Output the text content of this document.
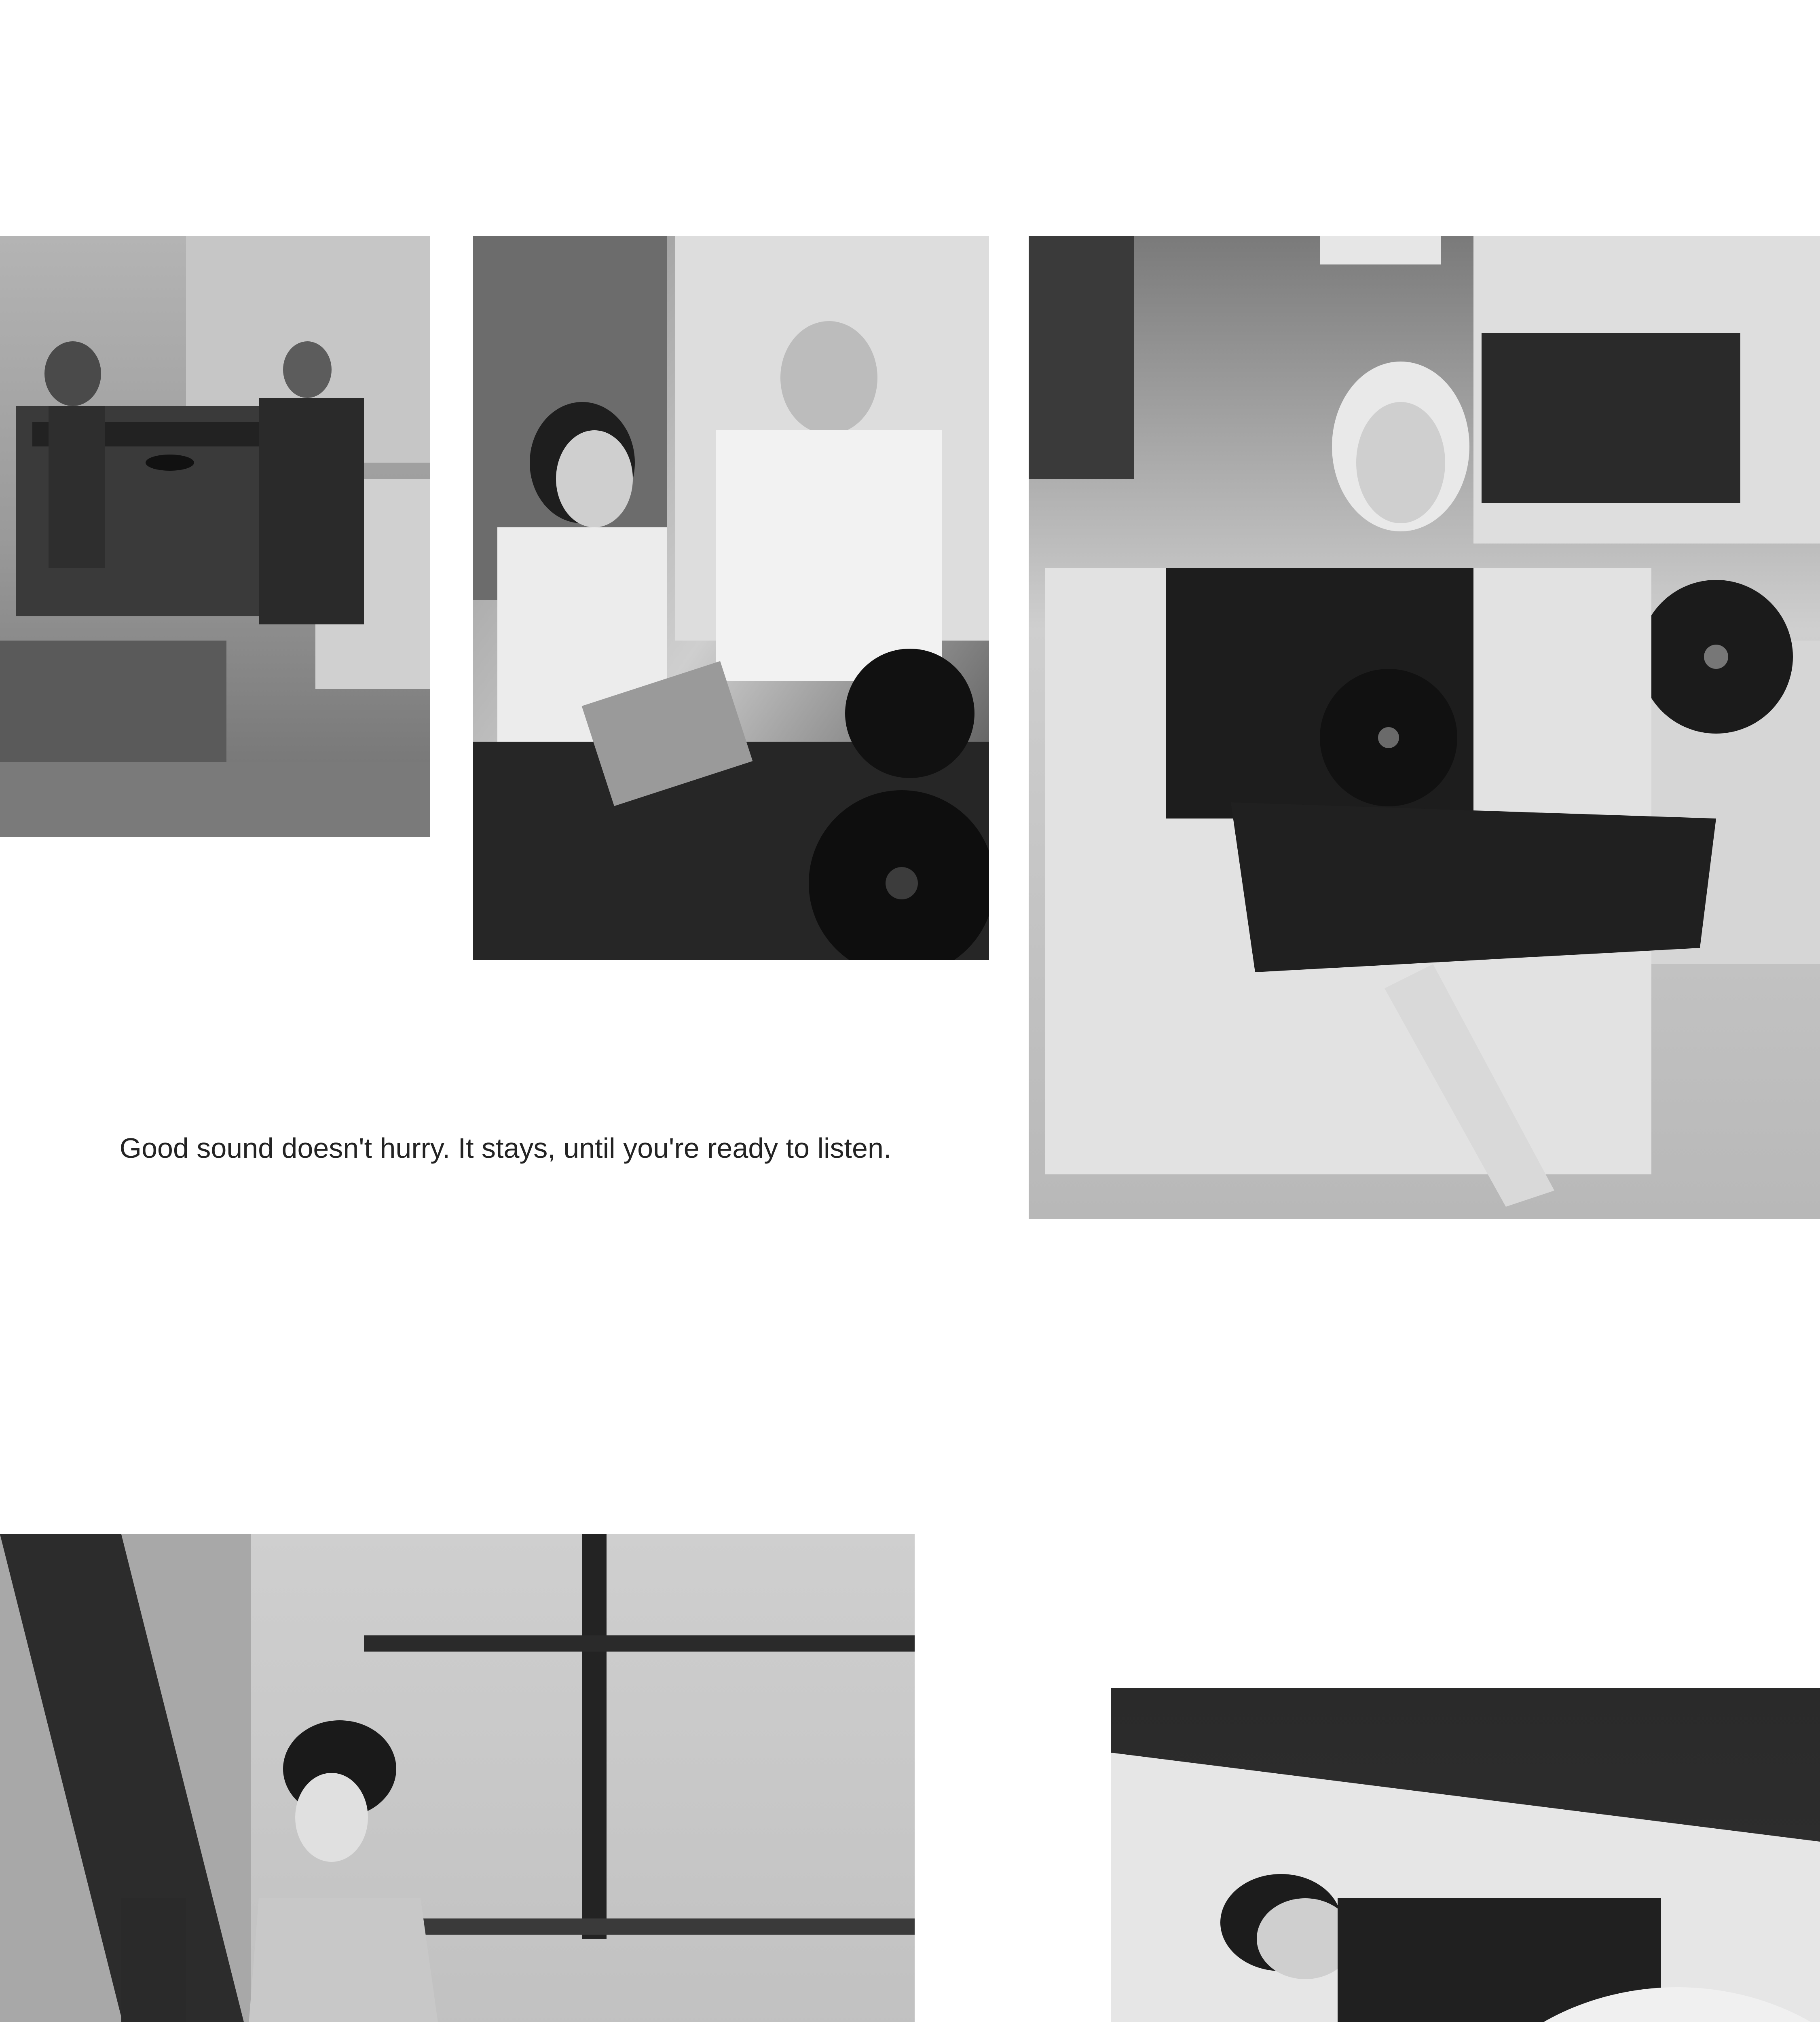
Good sound doesn't hurry. It stays, until you're ready to listen.
